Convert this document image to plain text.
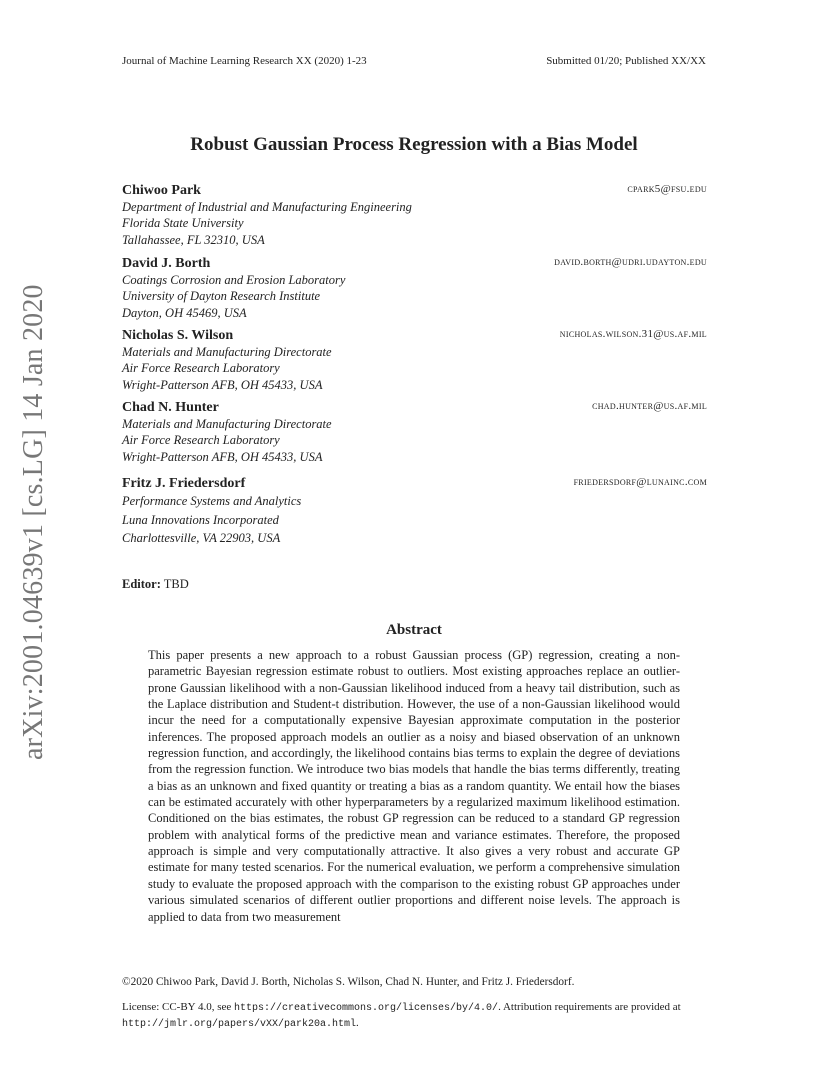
Journal of Machine Learning Research XX (2020) 1-23	Submitted 01/20; Published XX/XX
Robust Gaussian Process Regression with a Bias Model
Chiwoo Park	cpark5@fsu.edu
Department of Industrial and Manufacturing Engineering
Florida State University
Tallahassee, FL 32310, USA
David J. Borth	david.borth@udri.udayton.edu
Coatings Corrosion and Erosion Laboratory
University of Dayton Research Institute
Dayton, OH 45469, USA
Nicholas S. Wilson	nicholas.wilson.31@us.af.mil
Materials and Manufacturing Directorate
Air Force Research Laboratory
Wright-Patterson AFB, OH 45433, USA
Chad N. Hunter	chad.hunter@us.af.mil
Materials and Manufacturing Directorate
Air Force Research Laboratory
Wright-Patterson AFB, OH 45433, USA
Fritz J. Friedersdorf	friedersdorf@lunainc.com
Performance Systems and Analytics
Luna Innovations Incorporated
Charlottesville, VA 22903, USA
Editor: TBD
Abstract
This paper presents a new approach to a robust Gaussian process (GP) regression, creating a non-parametric Bayesian regression estimate robust to outliers. Most existing approaches replace an outlier-prone Gaussian likelihood with a non-Gaussian likelihood induced from a heavy tail distribution, such as the Laplace distribution and Student-t distribution. However, the use of a non-Gaussian likelihood would incur the need for a computationally expensive Bayesian approximate computation in the posterior inferences. The proposed approach models an outlier as a noisy and biased observation of an unknown regression function, and accordingly, the likelihood contains bias terms to explain the degree of deviations from the regression function. We introduce two bias models that handle the bias terms differently, treating a bias as an unknown and fixed quantity or treating a bias as a random quantity. We entail how the biases can be estimated accurately with other hyperparameters by a regularized maximum likelihood estimation. Conditioned on the bias estimates, the robust GP regression can be reduced to a standard GP regression problem with analytical forms of the predictive mean and variance estimates. Therefore, the proposed approach is simple and very computationally attractive. It also gives a very robust and accurate GP estimate for many tested scenarios. For the numerical evaluation, we perform a comprehensive simulation study to evaluate the proposed approach with the comparison to the existing robust GP approaches under various simulated scenarios of different outlier proportions and different noise levels. The approach is applied to data from two measurement
©2020 Chiwoo Park, David J. Borth, Nicholas S. Wilson, Chad N. Hunter, and Fritz J. Friedersdorf.
License: CC-BY 4.0, see https://creativecommons.org/licenses/by/4.0/. Attribution requirements are provided at http://jmlr.org/papers/vXX/park20a.html.
arXiv:2001.04639v1 [cs.LG] 14 Jan 2020
